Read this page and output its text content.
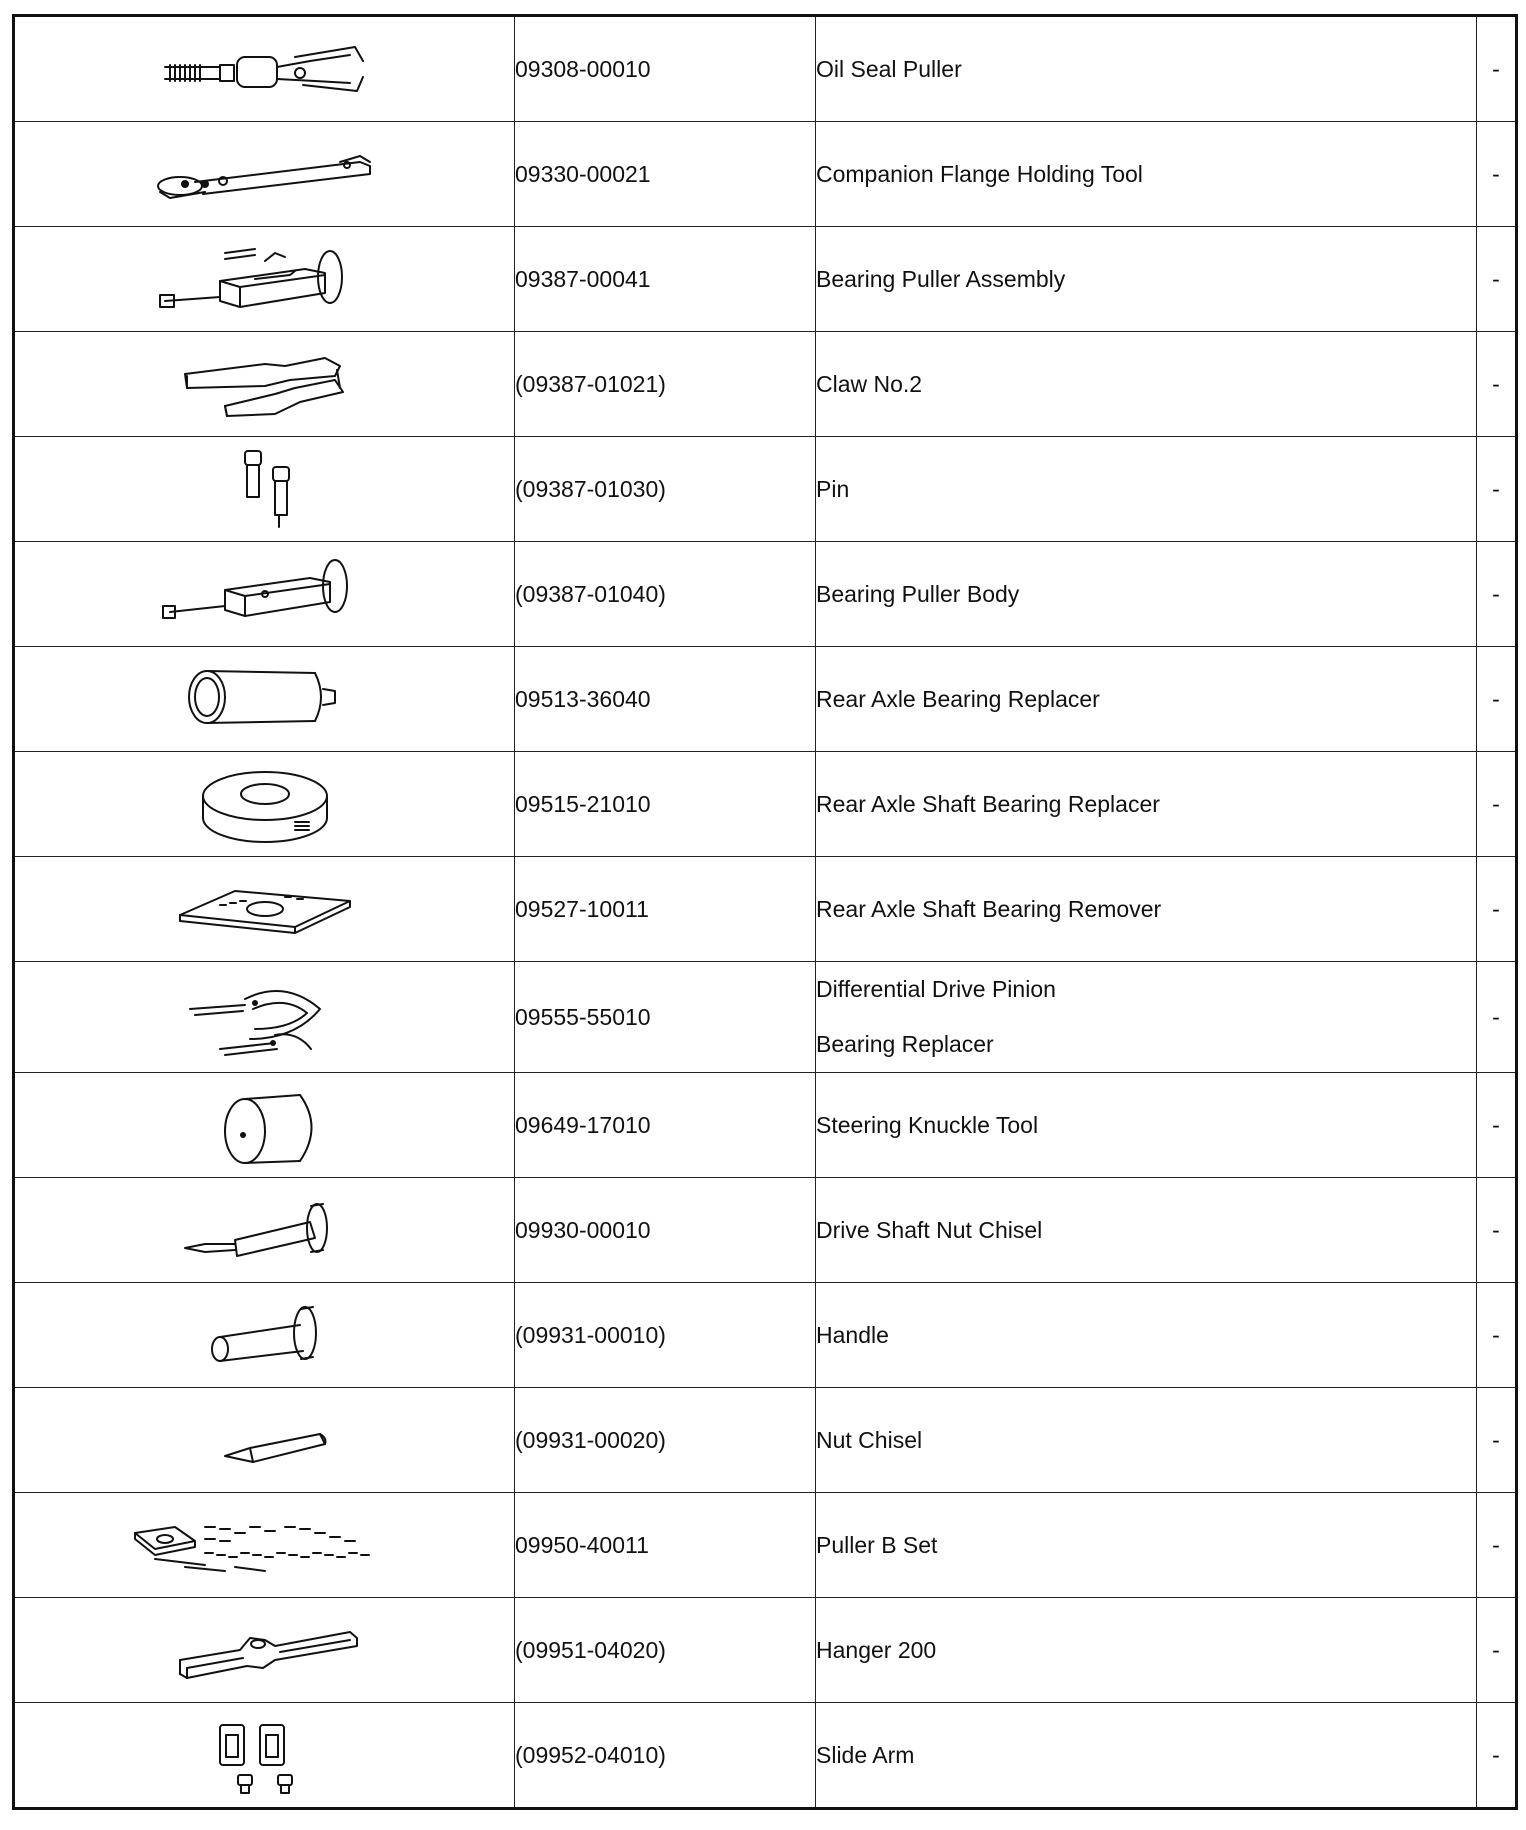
	09308-00010	Oil Seal Puller	-

	09330-00021	Companion Flange Holding Tool	-

	09387-00041	Bearing Puller Assembly	-

	(09387-01021)	Claw No.2	-

	(09387-01030)	Pin	-

	(09387-01040)	Bearing Puller Body	-

	09513-36040	Rear Axle Bearing Replacer	-

	09515-21010	Rear Axle Shaft Bearing Replacer	-

	09527-10011	Rear Axle Shaft Bearing Remover	-

	09555-55010	Differential Drive Pinion
Bearing Replacer	-

	09649-17010	Steering Knuckle Tool	-

	09930-00010	Drive Shaft Nut Chisel	-

	(09931-00010)	Handle	-

	(09931-00020)	Nut Chisel	-

	09950-40011	Puller B Set	-

	(09951-04020)	Hanger 200	-

	(09952-04010)	Slide Arm	-
